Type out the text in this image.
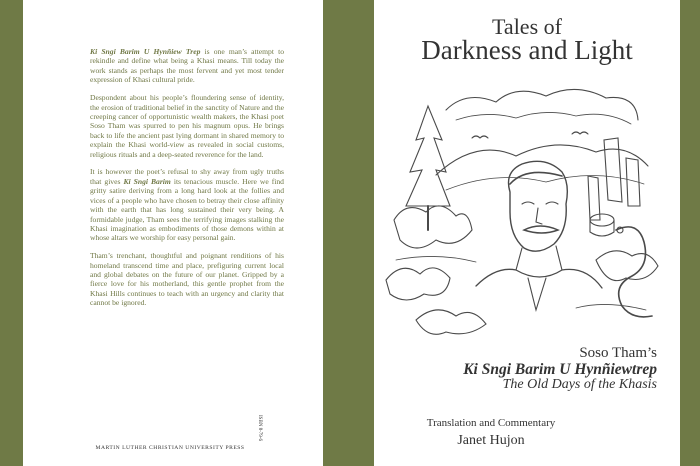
Ki Sngi Barim U Hynñiew Trep is one man’s attempt to rekindle and define what being a Khasi means. Till today the work stands as perhaps the most fervent and yet most tender expression of Khasi cultural pride.

Despondent about his people’s floundering sense of identity, the erosion of traditional belief in the sanctity of Nature and the creeping cancer of opportunistic wealth makers, the Khasi poet Soso Tham was spurred to pen his magnum opus. He brings back to life the ancient past lying dormant in shared memory to explain the Khasi world-view as revealed in social customs, religious rituals and a deep-seated reverence for the land.

It is however the poet’s refusal to shy away from ugly truths that gives Ki Sngi Barim its tenacious muscle. Here we find gritty satire deriving from a long hard look at the follies and vices of a people who have chosen to betray their close affinity with the earth that has long sustained their very being. A formidable judge, Tham sees the terrifying images stalking the Khasi imagination as embodiments of those demons within at whose altars we worship for easy personal gain.

Tham’s trenchant, thoughtful and poignant renditions of his homeland transcend time and place, prefiguring current local and global debates on the future of our planet. Gripped by a fierce love for his motherland, this gentle prophet from the Khasi Hills continues to teach with an urgency and clarity that cannot be ignored.

MARTIN LUTHER CHRISTIAN UNIVERSITY PRESS
ISBN 8-79-6
Tales of
Darkness and Light
Soso Tham’s
Ki Sngi Barim U Hynñiewtrep
The Old Days of the Khasis
Translation and Commentary
Janet Hujon
